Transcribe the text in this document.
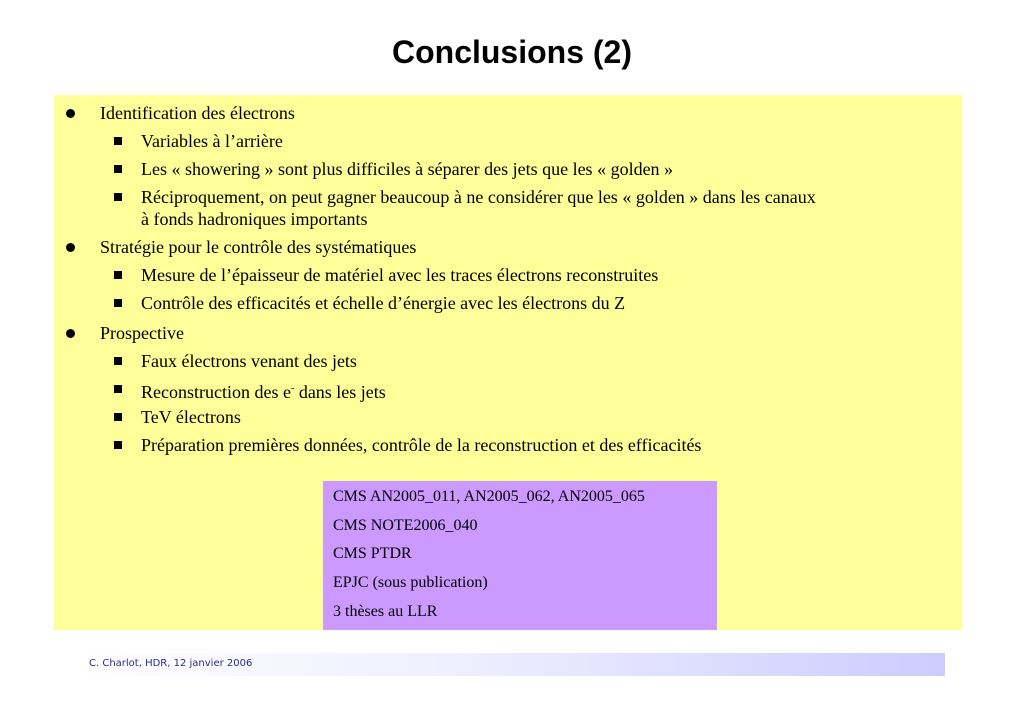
Conclusions (2)
Identification des électrons
Variables à l’arrière
Les « showering » sont plus difficiles à séparer des jets que les « golden »
Réciproquement, on peut gagner beaucoup à ne considérer que les « golden » dans les canaux
à fonds hadroniques importants
Stratégie pour le contrôle des systématiques
Mesure de l’épaisseur de matériel avec les traces électrons reconstruites
Contrôle des efficacités et échelle d’énergie avec les électrons du Z
Prospective
Faux électrons venant des jets
Reconstruction des e- dans les jets
TeV électrons
Préparation premières données, contrôle de la reconstruction et des efficacités
CMS AN2005_011, AN2005_062, AN2005_065
CMS NOTE2006_040
CMS PTDR
EPJC (sous publication)
3 thèses au LLR
C. Charlot, HDR, 12 janvier 2006
